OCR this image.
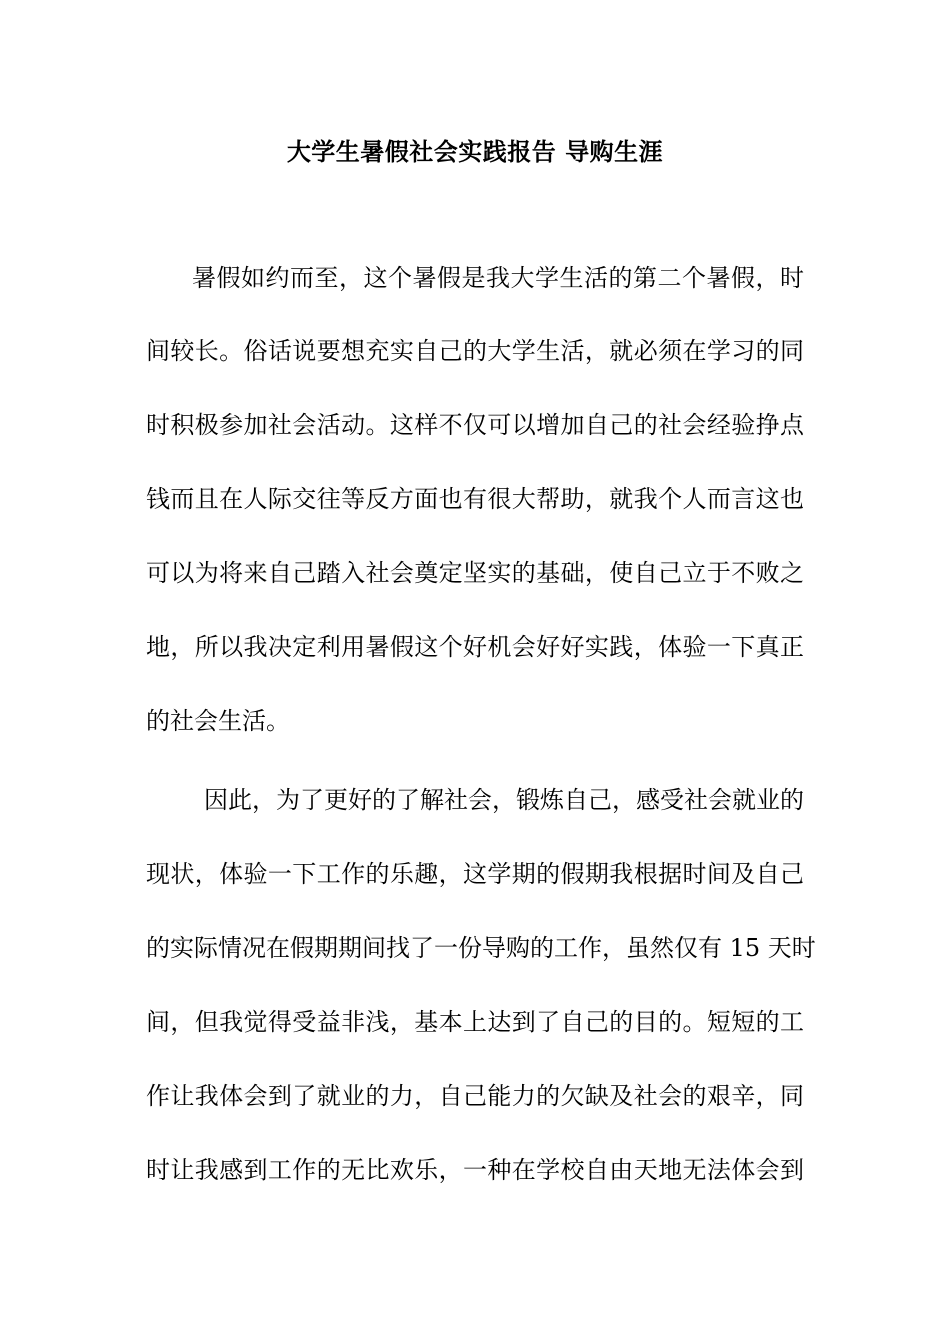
大学生暑假社会实践报告 导购生涯
暑假如约而至，这个暑假是我大学生活的第二个暑假，时
间较长。俗话说要想充实自己的大学生活，就必须在学习的同
时积极参加社会活动。这样不仅可以增加自己的社会经验挣点
钱而且在人际交往等反方面也有很大帮助，就我个人而言这也
可以为将来自己踏入社会奠定坚实的基础，使自己立于不败之
地，所以我决定利用暑假这个好机会好好实践，体验一下真正
的社会生活。
因此，为了更好的了解社会，锻炼自己，感受社会就业的
现状，体验一下工作的乐趣，这学期的假期我根据时间及自己
的实际情况在假期期间找了一份导购的工作，虽然仅有 15 天时
间，但我觉得受益非浅，基本上达到了自己的目的。短短的工
作让我体会到了就业的力，自己能力的欠缺及社会的艰辛，同
时让我感到工作的无比欢乐，一种在学校自由天地无法体会到
